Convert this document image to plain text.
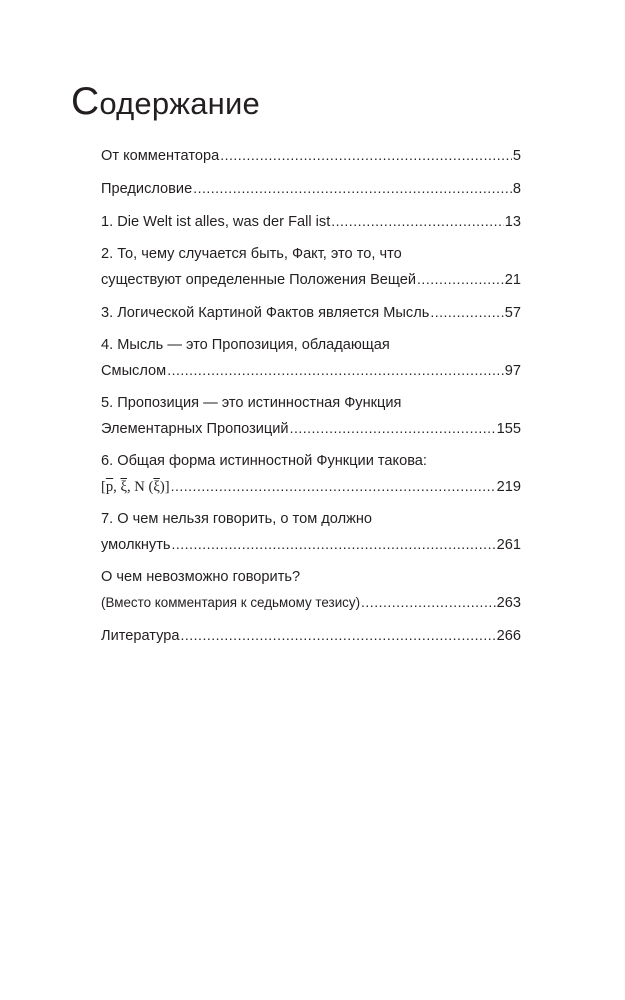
Содержание
От комментатора .....	5
Предисловие .....	8
1. Die Welt ist alles, was der Fall ist .....	13
2. То, чему случается быть, Факт, это то, что
существуют определенные Положения Вещей .....	21
3. Логической Картиной Фактов является Мысль .....	57
4. Мысль — это Пропозиция, обладающая
Смыслом .....	97
5. Пропозиция — это истинностная Функция
Элементарных Пропозиций .....	155
6. Общая форма истинностной Функции такова:
[$\overline{p}$, $\overline{\xi}$, N $(\overline{\xi})$] .....	219
7. О чем нельзя говорить, о том должно
умолкнуть .....	261
О чем невозможно говорить?
(Вместо комментария к седьмому тезису) .....	263
Литература .....	266
